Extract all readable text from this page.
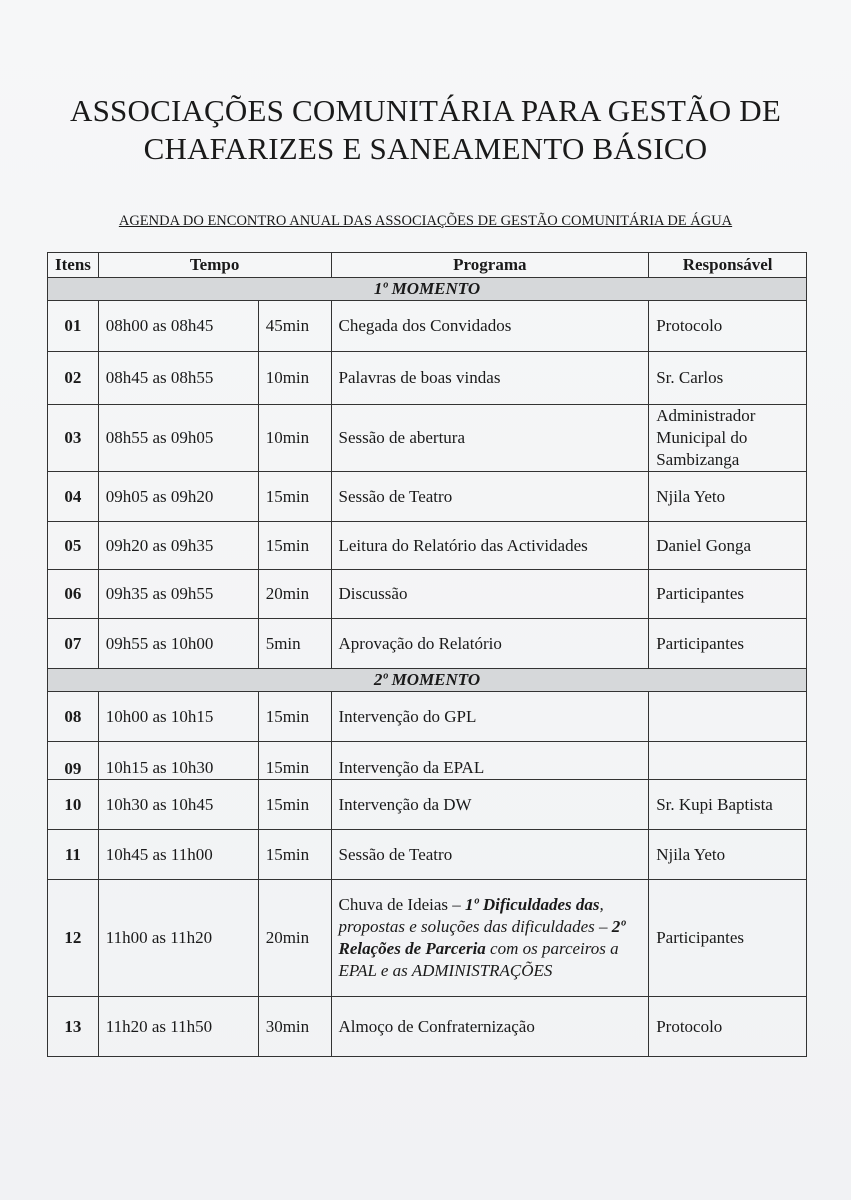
ASSOCIAÇÕES COMUNITÁRIA PARA GESTÃO DE
CHAFARIZES E SANEAMENTO BÁSICO

AGENDA DO ENCONTRO ANUAL DAS ASSOCIAÇÕES DE GESTÃO COMUNITÁRIA DE ÁGUA

Itens	Tempo		Programa	Responsável
1º MOMENTO				
01	08h00 as 08h45	45min	Chegada dos Convidados	Protocolo
02	08h45 as 08h55	10min	Palavras de boas vindas	Sr. Carlos
03	08h55 as 09h05	10min	Sessão de abertura	Administrador Municipal do Sambizanga
04	09h05 as 09h20	15min	Sessão de Teatro	Njila Yeto
05	09h20 as 09h35	15min	Leitura do Relatório das Actividades	Daniel Gonga
06	09h35 as 09h55	20min	Discussão	Participantes
07	09h55 as 10h00	5min	Aprovação do Relatório	Participantes
2º MOMENTO				
08	10h00 as 10h15	15min	Intervenção do GPL	
09	10h15 as 10h30	15min	Intervenção da EPAL	
10	10h30 as 10h45	15min	Intervenção da DW	Sr. Kupi Baptista
11	10h45 as 11h00	15min	Sessão de Teatro	Njila Yeto
12	11h00 as 11h20	20min	Chuva de Ideias – 1º Dificuldades das, propostas e soluções das dificuldades – 2º Relações de Parceria com os parceiros a EPAL e as ADMINISTRAÇÕES	Participantes
13	11h20 as 11h50	30min	Almoço de Confraternização	Protocolo
